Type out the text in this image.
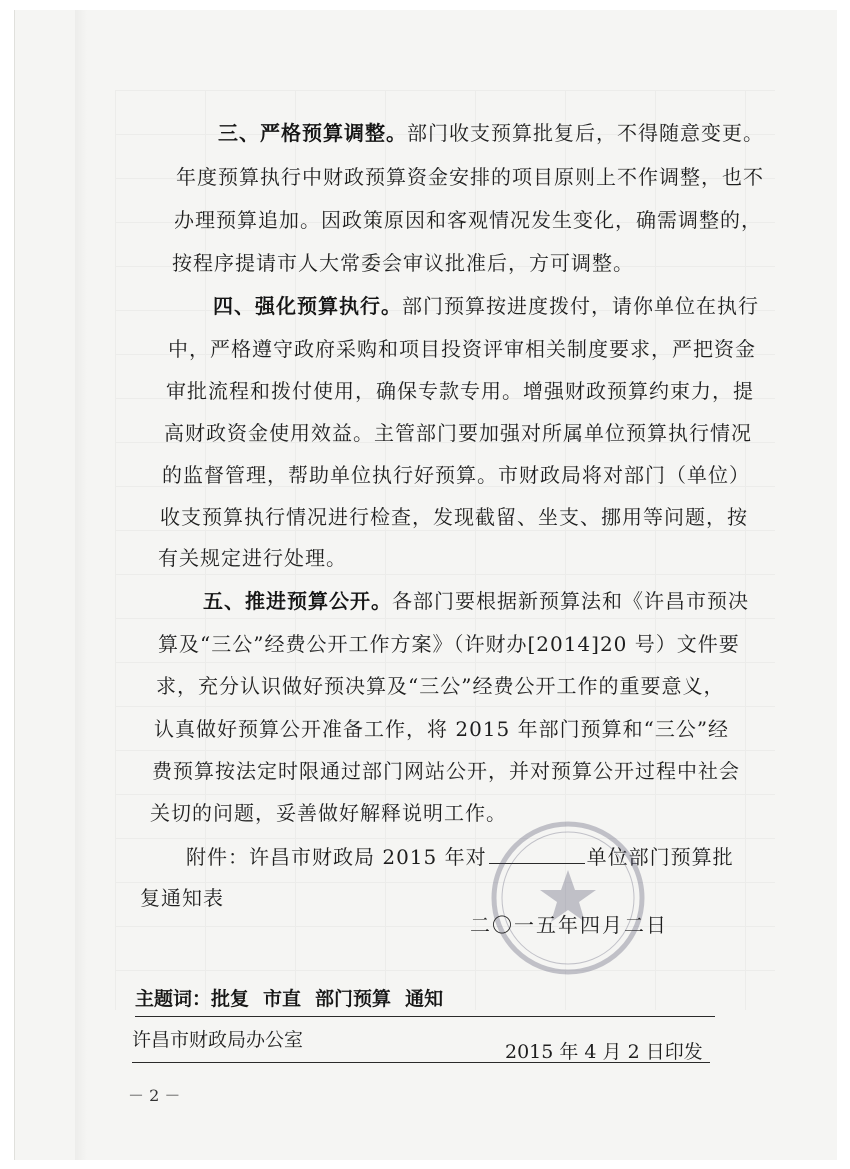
三、严格预算调整。部门收支预算批复后，不得随意变更。
年度预算执行中财政预算资金安排的项目原则上不作调整，也不
办理预算追加。因政策原因和客观情况发生变化，确需调整的，
按程序提请市人大常委会审议批准后，方可调整。
四、强化预算执行。部门预算按进度拨付，请你单位在执行
中，严格遵守政府采购和项目投资评审相关制度要求，严把资金
审批流程和拨付使用，确保专款专用。增强财政预算约束力，提
高财政资金使用效益。主管部门要加强对所属单位预算执行情况
的监督管理，帮助单位执行好预算。市财政局将对部门（单位）
收支预算执行情况进行检查，发现截留、坐支、挪用等问题，按
有关规定进行处理。
五、推进预算公开。各部门要根据新预算法和《许昌市预决
算及“三公”经费公开工作方案》（许财办[2014]20 号）文件要
求，充分认识做好预决算及“三公”经费公开工作的重要意义，
认真做好预算公开准备工作，将 2015 年部门预算和“三公”经
费预算按法定时限通过部门网站公开，并对预算公开过程中社会
关切的问题，妥善做好解释说明工作。
附件：许昌市财政局 2015 年对	单位部门预算批
复通知表
二〇一五年四月二日
主题词：批复 市直 部门预算 通知
许昌市财政局办公室
2015 年 4 月 2 日印发
－ 2 －
